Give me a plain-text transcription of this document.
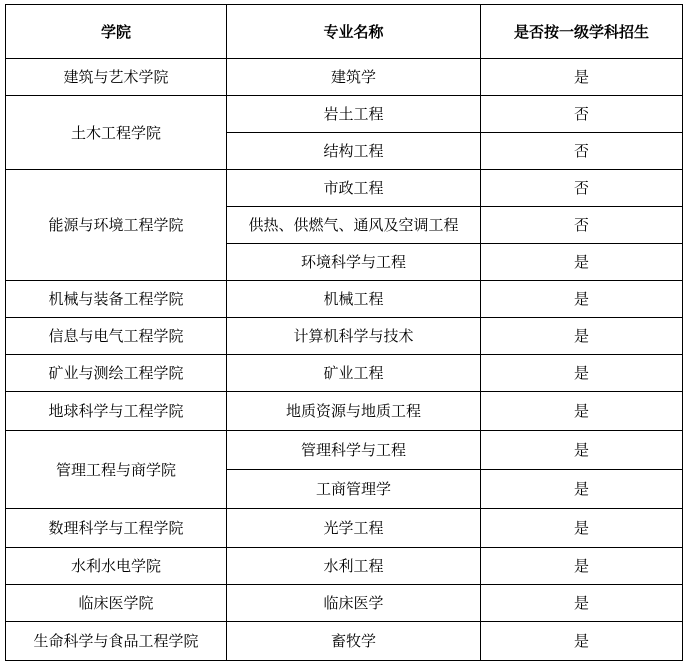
学院	专业名称	是否按一级学科招生
建筑与艺术学院	建筑学	是
土木工程学院	岩土工程	否
	结构工程	否
能源与环境工程学院	市政工程	否
	供热、供燃气、通风及空调工程	否
	环境科学与工程	是
机械与装备工程学院	机械工程	是
信息与电气工程学院	计算机科学与技术	是
矿业与测绘工程学院	矿业工程	是
地球科学与工程学院	地质资源与地质工程	是
管理工程与商学院	管理科学与工程	是
	工商管理学	是
数理科学与工程学院	光学工程	是
水利水电学院	水利工程	是
临床医学院	临床医学	是
生命科学与食品工程学院	畜牧学	是
